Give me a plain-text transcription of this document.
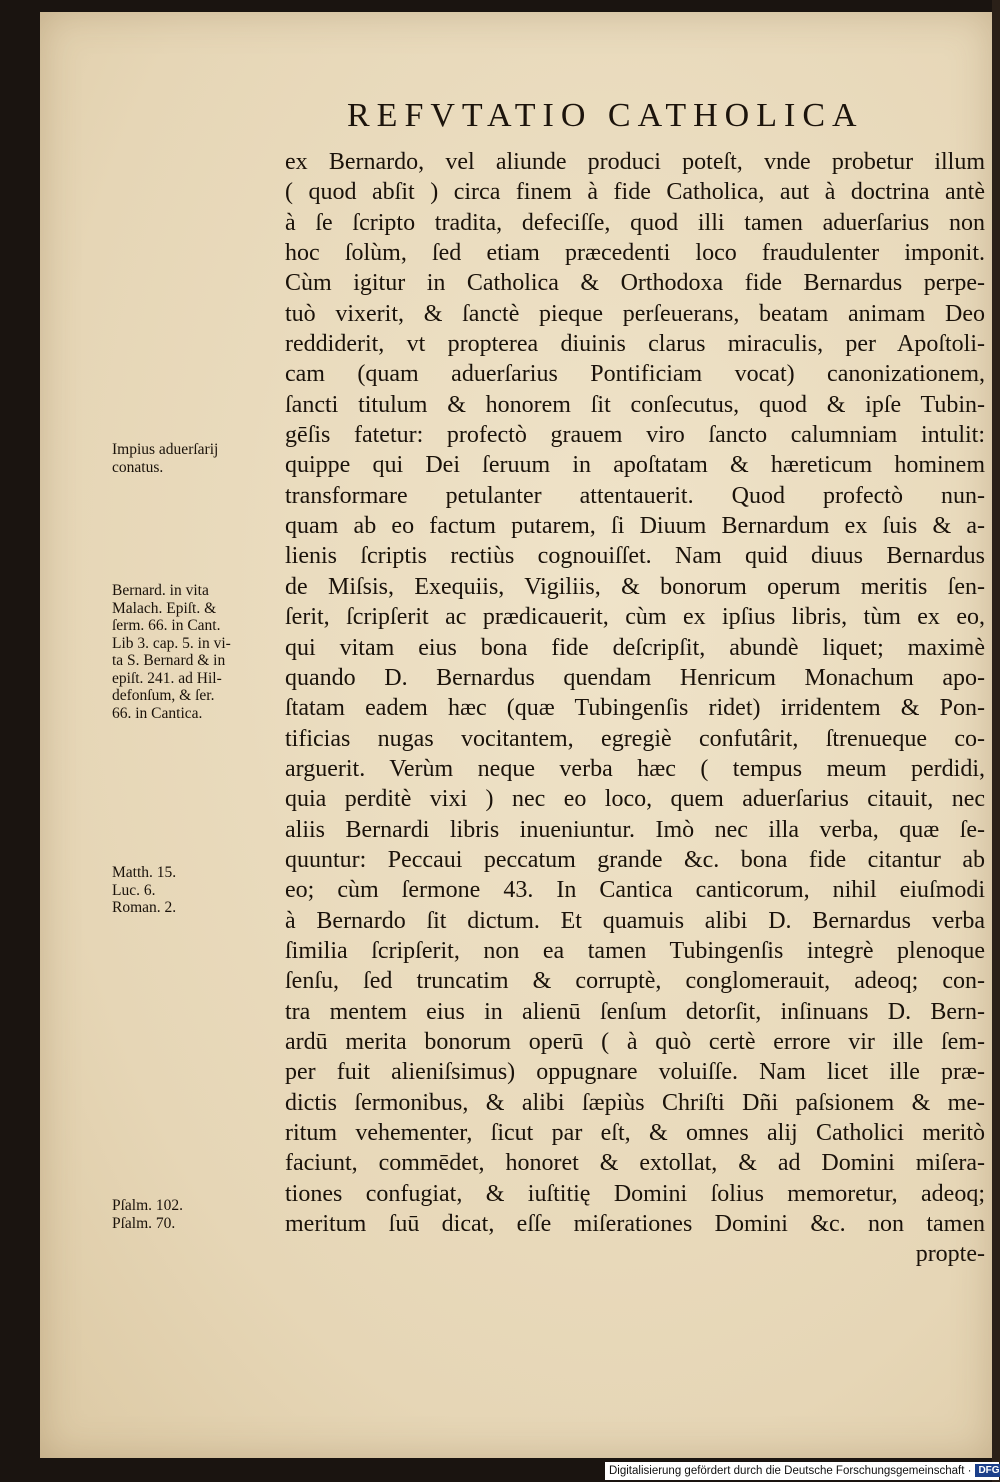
REFVTATIO CATHOLICA
ex Bernardo, vel aliunde produci poteſt, vnde probetur illum
( quod abſit ) circa finem à fide Catholica, aut à doctrina antè
à ſe ſcripto tradita, defeciſſe, quod illi tamen aduerſarius non
hoc ſolùm, ſed etiam præcedenti loco fraudulenter imponit.
Cùm igitur in Catholica & Orthodoxa fide Bernardus perpe-
tuò vixerit, & ſanctè pieque perſeuerans, beatam animam Deo
reddiderit, vt propterea diuinis clarus miraculis, per Apoſtoli-
cam (quam aduerſarius Pontificiam vocat) canonizationem,
ſancti titulum & honorem ſit conſecutus, quod & ipſe Tubin-
gēſis fatetur: profectò grauem viro ſancto calumniam intulit:
quippe qui Dei ſeruum in apoſtatam & hæreticum hominem
transformare petulanter attentauerit. Quod profectò nun-
quam ab eo factum putarem, ſi Diuum Bernardum ex ſuis & a-
lienis ſcriptis rectiùs cognouiſſet. Nam quid diuus Bernardus
de Miſsis, Exequiis, Vigiliis, & bonorum operum meritis ſen-
ſerit, ſcripſerit ac prædicauerit, cùm ex ipſius libris, tùm ex eo,
qui vitam eius bona fide deſcripſit, abundè liquet; maximè
quando D. Bernardus quendam Henricum Monachum apo-
ſtatam eadem hæc (quæ Tubingenſis ridet) irridentem & Pon-
tificias nugas vocitantem, egregiè confutârit, ſtrenueque co-
arguerit. Verùm neque verba hæc ( tempus meum perdidi,
quia perditè vixi ) nec eo loco, quem aduerſarius citauit, nec
aliis Bernardi libris inueniuntur. Imò nec illa verba, quæ ſe-
quuntur: Peccaui peccatum grande &c. bona fide citantur ab
eo; cùm ſermone 43. In Cantica canticorum, nihil eiuſmodi
à Bernardo ſit dictum. Et quamuis alibi D. Bernardus verba
ſimilia ſcripſerit, non ea tamen Tubingenſis integrè plenoque
ſenſu, ſed truncatim & corruptè, conglomerauit, adeoq; con-
tra mentem eius in alienū ſenſum detorſit, inſinuans D. Bern-
ardū merita bonorum operū ( à quò certè errore vir ille ſem-
per fuit alieniſsimus) oppugnare voluiſſe. Nam licet ille præ-
dictis ſermonibus, & alibi ſæpiùs Chriſti Dñi paſsionem & me-
ritum vehementer, ſicut par eſt, & omnes alij Catholici meritò
faciunt, commēdet, honoret & extollat, & ad Domini miſera-
tiones confugiat, & iuſtitię Domini ſolius memoretur, adeoq;
meritum ſuū dicat, eſſe miſerationes Domini &c. non tamen
propte-
Impius aduerſarij
conatus.
Bernard. in vita
Malach. Epiſt. &
ſerm. 66. in Cant.
Lib 3. cap. 5. in vi-
ta S. Bernard & in
epiſt. 241. ad Hil-
defonſum, & ſer.
66. in Cantica.
Matth. 15.
Luc. 6.
Roman. 2.
Pſalm. 102.
Pſalm. 70.
Digitalisierung gefördert durch die Deutsche Forschungsgemeinschaft · DFG
